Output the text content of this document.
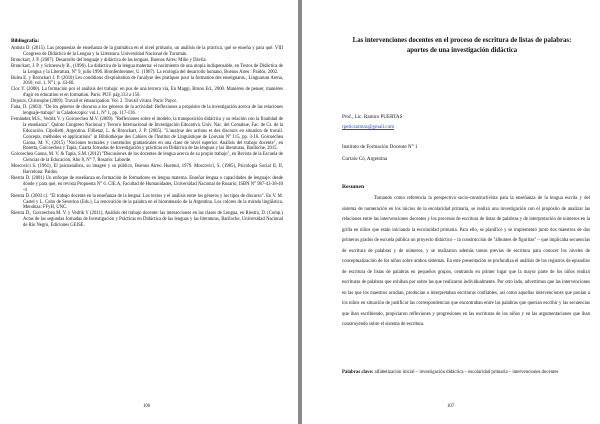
Bibliografía:
Antista D. (2015). Las propuestas de enseñanza de la gramática en el nivel primario, un análisis de la práctica, qué se enseña y para qué. VIII Congreso de Didáctica de la Lengua y la Literatura. Universidad Nacional de Tucumán.
Bronckart, J. P. (2007). Desarrollo del lenguaje y didáctica de las lenguas. Buenos Aires: Miño y Dávila.
Bronckart, J. P. y Schneuwly B., (1996). La didáctica de la lengua materna: el nacimiento de una utopía indispensable, en Textos de Didáctica de la Lengua y la Literatura, N° 9, julio 1996. Bronfenbrenner, U. (1987). La ecología del desarrollo humano, Buenos Aires : Paidós, 2002.
Bulea E. y Bronckart J. P. (2010) Les conditions d'exploitation de l'analyse des pratiques pour la formation des enseignants., Linguarum Arena, 2010, vol. 1, N°1, p. 43-60.
Cloc Y. (2000). La formación por el análisis del trabajo: en pos de una tercera vía, En Maggi, Bruno Ed., 2000. Maniéres de penser, maniéres d'agir en éducation et en formation. Paris. PUF. pág.133 a 156.
Dejours, Christophe (2009). Travail et émancipation. Vol. 2. Travail vivant. Paris: Payot.
Faita, D. (2003): "De los géneros de discurso a los géneros de la actividad: Reflexiones a propósito de la investigación acerca de las relaciones lenguaje-trabajo" in Caladoscopio: vol.1, N° 1, pp. 117-136.
Fernández M.S., Vedrik V. y Goicoechea M.V. (2009). "Reflexiones sobre el modelo, la transposición didáctica y su relación con la finalidad de la enseñanza". Quinto Congreso Nacional y Tercero Internacional de Investigación Educativa. Univ. Nac. del Comahue, Fac. de Cs. de la Educación. Cipolletti, Argentina. Fillietaz, L. & Bronckart, J. P. (2005). "L'analyse des actions et des discours en situation de travail. Concepts, méthodes et applications" in Bibliothèque des Cahiers de l'Institut de Linguistique de Louvain N° 115, pp. 3-16. Goicoechea Gaona, M. V., (2015) "Nociones textuales y contenidos gramaticales en una clase de nivel superior. Análisis del trabajo docente", en Rosetta, Goicoechea y Tapia, Cuarta Jornadas de Investigación y prácticas en Didáctica de las lenguas y las literaturas, Bariloche, 2015.
Goicoechea Gaona, M. V. & Tapia, S.M. (2012) "Discusiones de los docentes de lengua acerca de su propio trabajo", en Revista de la Escuela de Ciencias de la Educación, Año 8, N° 7, Rosario: Laborde.
Moscovici S. (1961), El psicoanálisis, su imagen y su público, Buenos Aires: Huemul, 1979. Moscovici, S. (1985), Psicología Social II, II, Barcelona: Paidós.
Riestra D. (2001) Un enfoque de enseñanza en formación de formadores en lengua materna. Enseñar lengua o capacidades de lenguaje: desde dónde y para qué, en revista Propuesta N° 6. CIE.A, Facultad de Humanidades, Universidad Nacional de Rosario, ISBN N° 987-43-38-40 -4
Riestra D. (2003 c). "El trabajo docente en la enseñanza de la lengua: Los textos y el análisis entre los géneros y los tipos de discurso". En V. M. Castel y L. Cubo de Severino (Eds.), La renovación de la palabra en el bicentenario de la Argentina. Los colores de la mirada lingüística. Mendoza: FFyH, UNC.
Riestra D., Goicoechea M. V. y Vedrik V (2011), Análisis del trabajo docente: las interacciones en las clases de Lengua, en Riestra, D. (Comp.) Actas de las segundas Jornadas de Investigación y Prácticas en Didáctica de las lenguas y las literaturas, Bariloche, Universidad Nacional de Río Negro, Ediciones GEISE.
106
Las intervenciones docentes en el proceso de escritura de listas de palabras: aportes de una investigación didáctica
Prof., Lic. Ramiro PUERTAS
rpeticsarmas@gmail.com
Instituto de Formación Docente N° 1
Currais-Có, Argentina
Resumen

Tomando como referencia la perspectiva socio-constructivista para la enseñanza de la lengua escrita y del sistema de numeración en los inicios de la escolaridad primaria, se realizó una investigación con el propósito de analizar las relaciones entre las intervenciones docentes y los procesos de escritura de listas de palabras y de interpretación de números en la grilla en niños que están iniciando la escolaridad primaria. Para ello, se planificó y se implementó junto dos maestros de dos primeros grados de escuela pública un proyecto didáctico – la construcción de "álbumes de figuritas" – que implicaba secuencias de escritura de palabras y de números, y se realizaron además tareas previas de escritura para conocer los niveles de conceptualización de los niños sobre ambos sistemas. En este presentación se profundiza el análisis de los registros de episodios de escritura de listas de palabras en pequeños grupos, centrando en primer lugar que la mayor parte de los niños realizó escrituras de palabras que exhiban por sobre las que realizaron individualmente. Por otro lado, advertimos que las intervenciones en las que los maestros acudían, producían o interpretaban escrituras confiables, así como aquellas intervenciones que ponían a los niños en situación de justificar las correspondencias que encontraban entre las palabras que querían escribir y las secuencias que iban escribiendo, propiciaron reflexiones y progresiones en las escrituras de los niños y en las argumentaciones que iban construyendo sobre el sistema de escritura.

Palabras clave: alfabetización inicial – investigación didáctica – escolaridad primaria – intervenciones docentes

107
